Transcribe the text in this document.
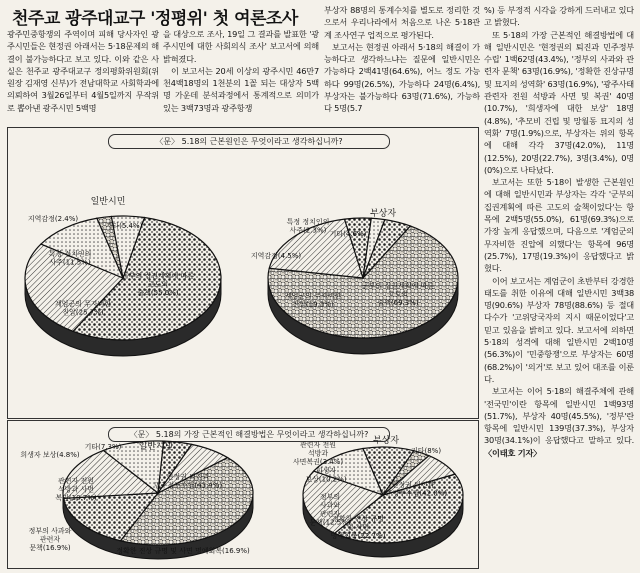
천주교 광주대교구 '정평위' 첫 여론조사

광주민중항쟁의 주역이며 피해 당사자인 광주시민들은 현정권 아래서는 5·18문제의 해결이 불가능하다고 보고 있다. 이와 같은 사실은 천주교 광주대교구 정의평화위원회(위원장 김재영 신부)가 전남대학교 사회학과에 의뢰하여 3월26일부터 4월5일까지 무작위로 뽑아낸 광주시민 5백명

을 대상으로 조사, 19일 그 결과를 발표한 '광주시민에 대한 사회의식 조사' 보고서에 의해 밝혀졌다.

이 보고서는 20세 이상의 광주시민 46만7천4백18명의 1천분의 1꼴 되는 대상자 5백명 가운데 분석과정에서 통계적으로 의미가 있는 3백73명과 광주항쟁

부상자 88명의 통계수치를 별도로 정리한 것으로서 우리나라에서 처음으로 나온 5·18관계 조사연구 업적으로 평가된다.

보고서는 현정권 아래서 5·18의 해결이 가능하다고 생각하느냐는 질문에 일반시민은 가능하다 2백41명(64.6%), 어느 정도 가능하다 99명(26.5%), 가능하다 24명(6.4%), 부상자는 불가능하다 63명(71.6%), 가능하다 5명(5.7

%) 등 부정적 시각을 강하게 드러내고 있다고 밝혔다.

또 5·18의 가장 근본적인 해결방법에 대해 일반시민은 '현정권의 퇴진과 민주정부 수립' 1백62명(43.4%), '정부의 사과와 관련자 문책' 63명(16.9%), '정확한 진상규명 및 묘지의 성역화' 63명(16.9%), '광주사태 관련자 전원 석방과 사면 및 복권' 40명(10.7%), '희생자에 대한 보상' 18명(4.8%), '추모비 건립 및 망월동 묘지의 성역화' 7명(1.9%)으로, 부상자는 위의 항목에 대해 각각 37명(42.0%), 11명(12.5%), 20명(22.7%), 3명(3.4%), 0명(0%)으로 나타났다.

보고서는 또한 5·18이 발생한 근본원인에 대해 일반시민과 부상자는 각각 '군부의 집권계획에 따른 고도의 술책이었다'는 항목에 2백5명(55.0%), 61명(69.3%)으로 가장 높게 응답했으며, 다음으로 '계엄군의 무자비한 진압에 의했다'는 항목에 96명(25.7%), 17명(19.3%)이 응답했다고 밝혔다.

이어 보고서는 계엄군이 초반부터 강경한 태도를 취한 이유에 대해 일반시민 3백38명(90.6%) 부상자 78명(88.6%) 등 절대다수가 '고위당국자의 지시 때문이었다'고 믿고 있음을 밝히고 있다. 보고서에 의하면 5·18의 성격에 대해 일반시민 2백10명(56.3%)이 '민중항쟁'으로 부상자는 60명(68.2%)이 '의거'로 보고 있어 대조를 이룬다.

보고서는 이어 5·18의 해결주체에 관해 '전국민'이란 항목에 일반시민 1백93명(51.7%), 부상자 40명(45.5%), '정부'란 항목에 일반시민 139명(37.3%), 부상자 30명(34.1%)이 응답했다고 말하고 있다. 〈이태호 기자〉

〈문〉 5.18의 근본원인은 무엇이라고 생각하십니까?
군부의 집권계획에 따른 고도의 술책(55.0%)
계엄군의 무자비한 진압(25.7%)
특정 정치인의 사주(11.5%)
지역감정(2.4%)
기타(5.4%)
일반시민
군부의 집권계획에 따른 고도의 술책(69.3%)
계엄군의 무자비한 진압(19.3%)
지역감정(4.5%)
특정 정치인의 사주(2.3%) 기타(4.6%)
부상자
〈문〉 5.18의 가장 근본적인 해결방법은 무엇이라고 생각하십니까?
현정권 퇴진과 민주정부수립(43.4%)
정확한 진상 규명 및 사면 명예회복(16.9%)
정부의 사과와 관련자 문책(16.9%)
관련자 전원 석방과 사면 복권(10.7%)
희생자 보상(4.8%)
기타(7.3%) 일반시민
현정권 퇴진과 민주정부수립(42.0%)
정확한 진상 규명 및 사면 명예회복(22.7%)
정부의 사과와 관련자 문책(12.5%)
희생자 보상(10.2%)
관련자 전원 석방과 사면복권(3.4%)
기타(8%)
부상자
